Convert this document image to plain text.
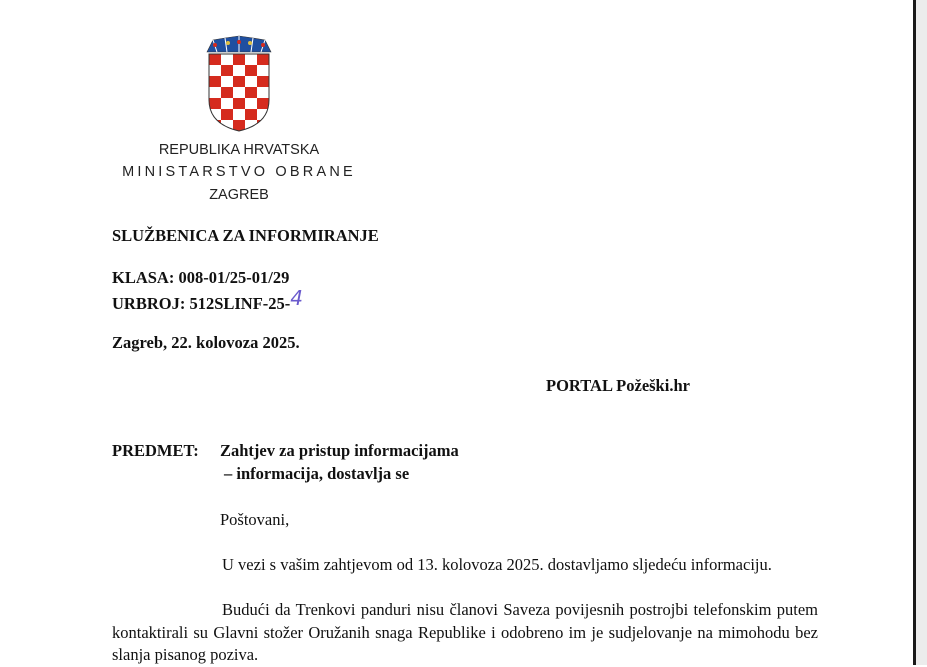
REPUBLIKA HRVATSKA
MINISTARSTVO OBRANE
ZAGREB
SLUŽBENICA ZA INFORMIRANJE
KLASA: 008-01/25-01/29
URBROJ: 512SLINF-25-4
Zagreb, 22. kolovoza 2025.
PORTAL Požeški.hr
PREDMET: Zahtjev za pristup informacijama
– informacija, dostavlja se
Poštovani,
U vezi s vašim zahtjevom od 13. kolovoza 2025. dostavljamo sljedeću informaciju.
Budući da Trenkovi panduri nisu članovi Saveza povijesnih postrojbi telefonskim putem kontaktirali su Glavni stožer Oružanih snaga Republike i odobreno im je sudjelovanje na mimohodu bez slanja pisanog poziva.
